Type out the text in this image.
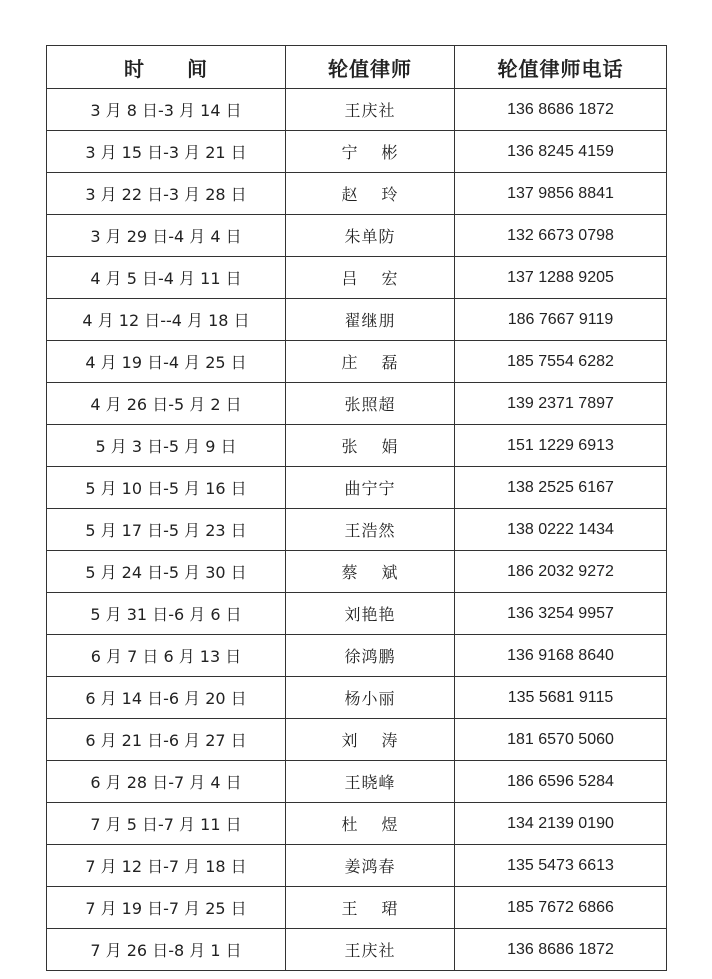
时　　间	轮值律师	轮值律师电话
3 月 8 日-3 月 14 日	王庆社	136 8686 1872
3 月 15 日-3 月 21 日	宁　 彬	136 8245 4159
3 月 22 日-3 月 28 日	赵　 玲	137 9856 8841
3 月 29 日-4 月 4 日	朱单防	132 6673 0798
4 月 5 日-4 月 11 日	吕　 宏	137 1288 9205
4 月 12 日--4 月 18 日	翟继朋	186 7667 9119
4 月 19 日-4 月 25 日	庄　 磊	185 7554 6282
4 月 26 日-5 月 2 日	张照超	139 2371 7897
5 月 3 日-5 月 9 日	张　 娟	151 1229 6913
5 月 10 日-5 月 16 日	曲宁宁	138 2525 6167
5 月 17 日-5 月 23 日	王浩然	138 0222 1434
5 月 24 日-5 月 30 日	蔡　 斌	186 2032 9272
5 月 31 日-6 月 6 日	刘艳艳	136 3254 9957
6 月 7 日 6 月 13 日	徐鸿鹏	136 9168 8640
6 月 14 日-6 月 20 日	杨小丽	135 5681 9115
6 月 21 日-6 月 27 日	刘　 涛	181 6570 5060
6 月 28 日-7 月 4 日	王晓峰	186 6596 5284
7 月 5 日-7 月 11 日	杜　 煜	134 2139 0190
7 月 12 日-7 月 18 日	姜鸿春	135 5473 6613
7 月 19 日-7 月 25 日	王　 珺	185 7672 6866
7 月 26 日-8 月 1 日	王庆社	136 8686 1872
